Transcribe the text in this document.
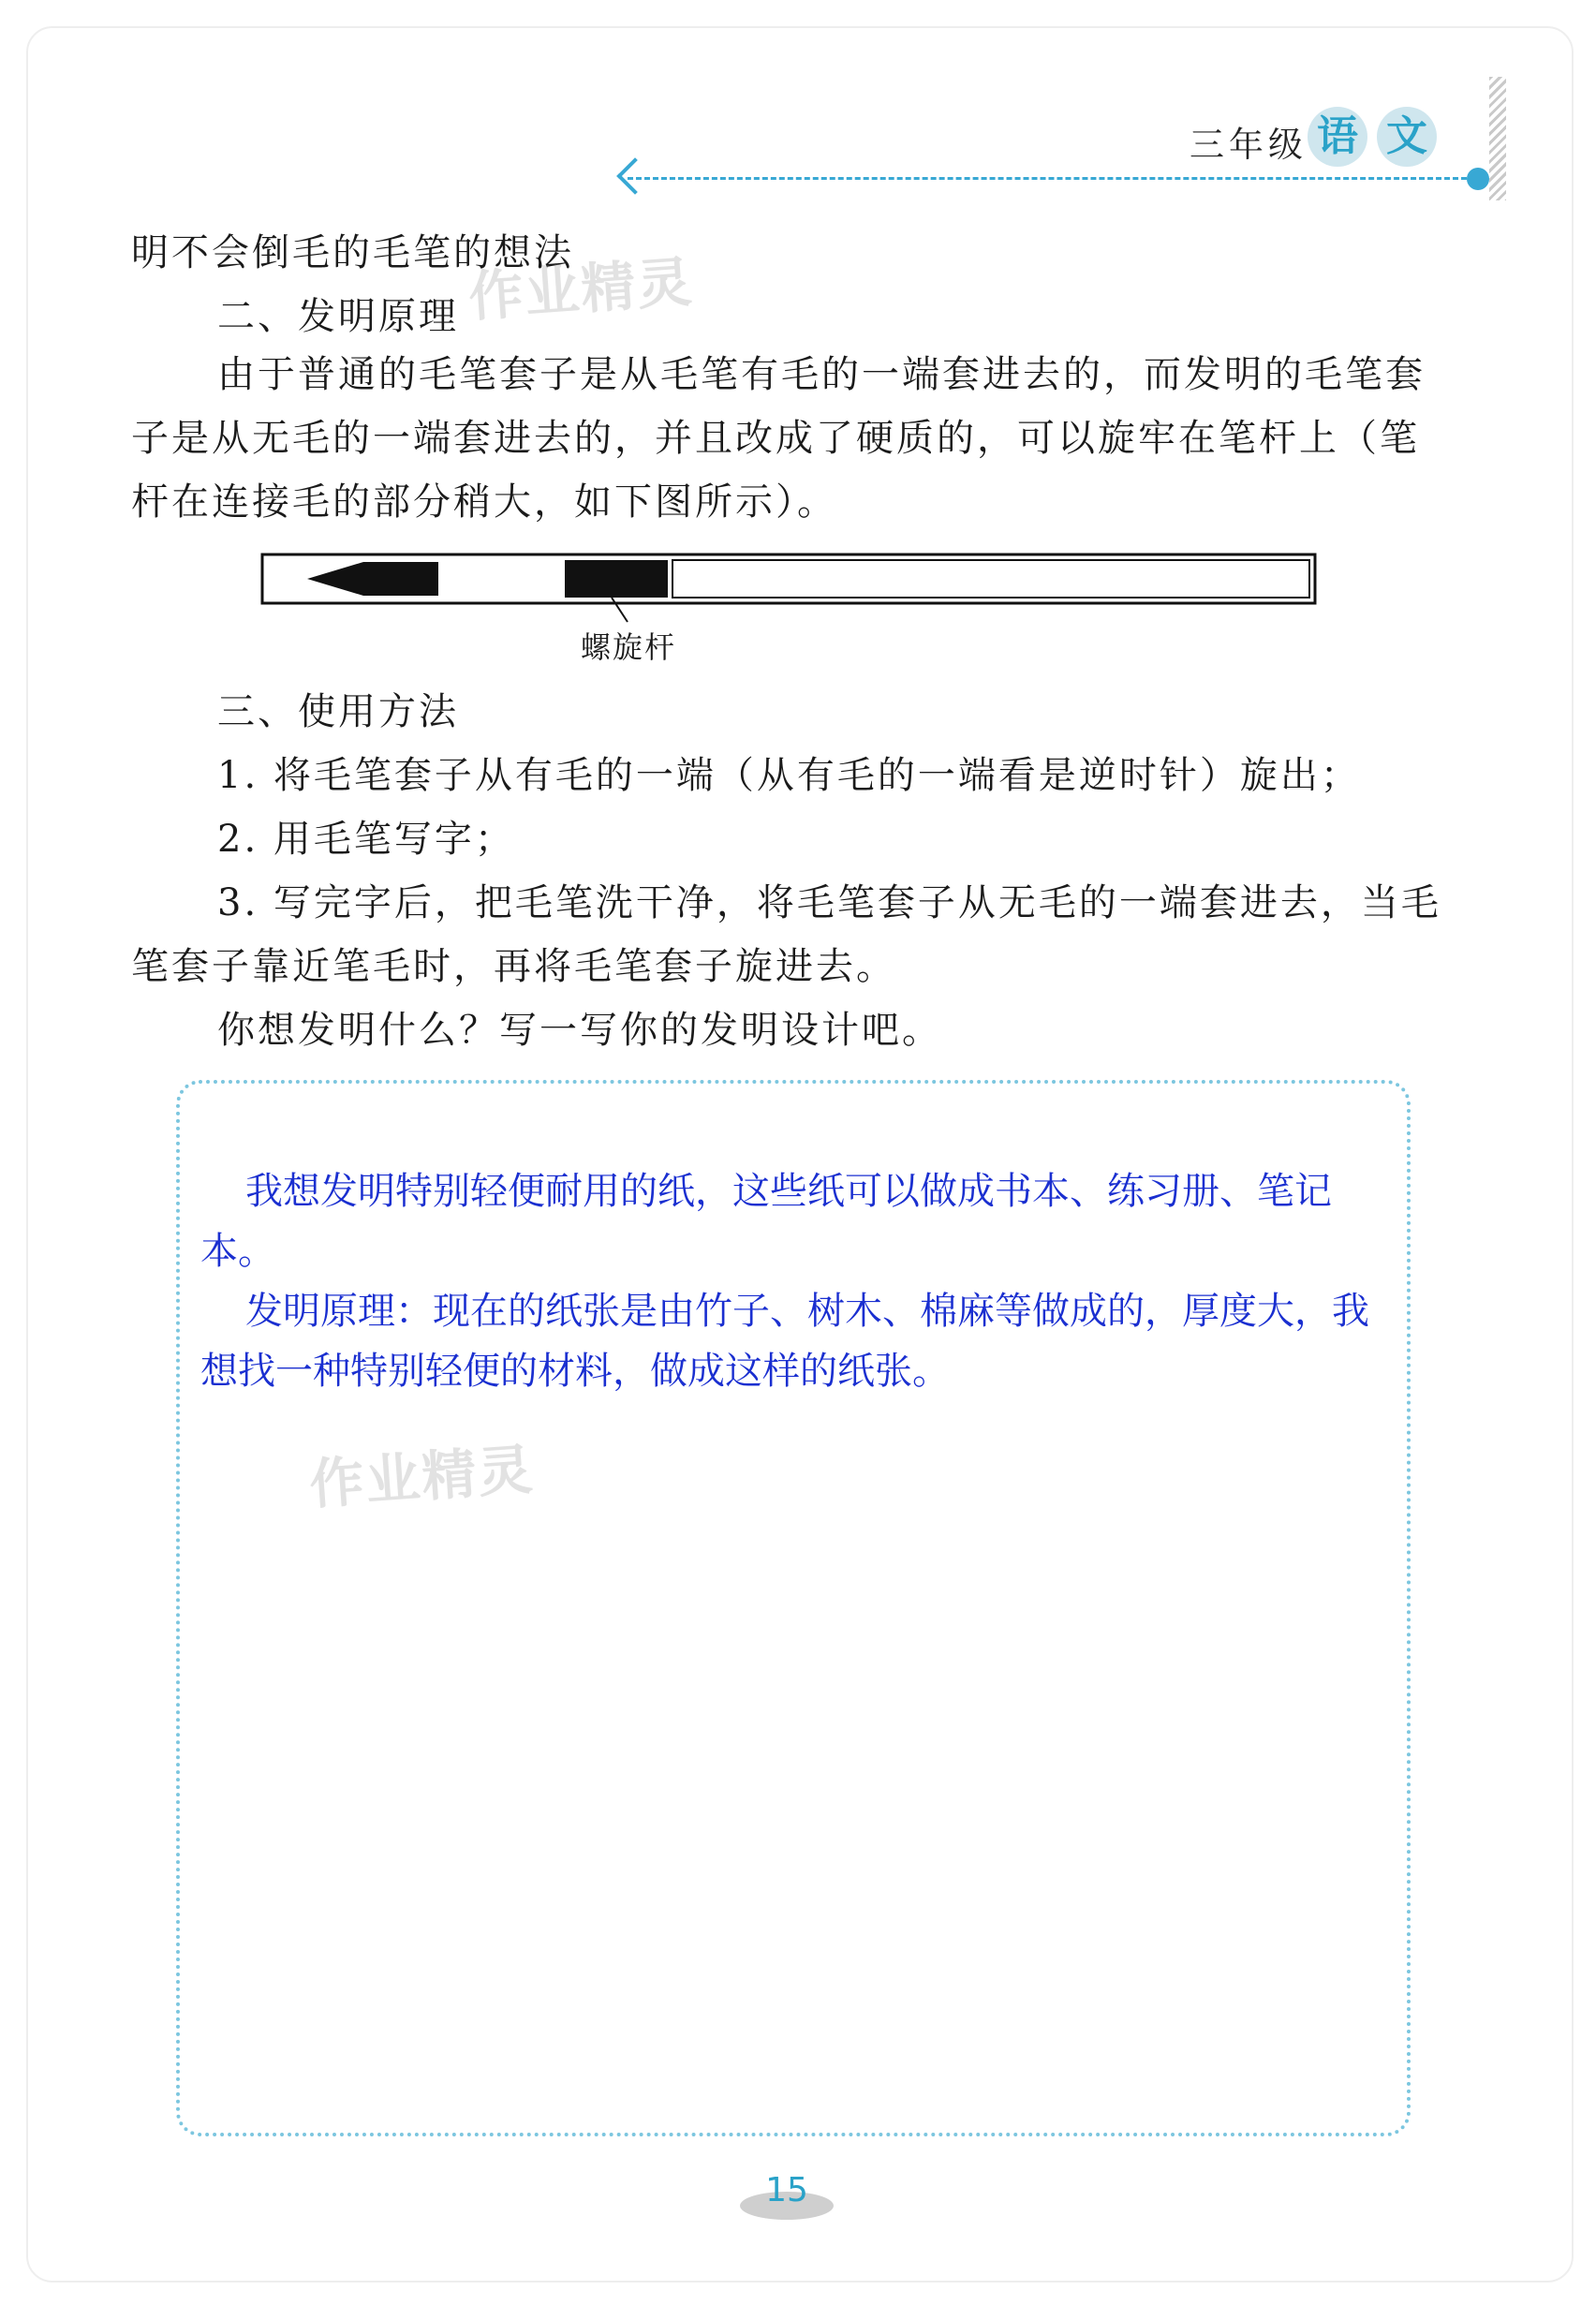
三年级 语 文

明不会倒毛的毛笔的想法

二、发明原理

由于普通的毛笔套子是从毛笔有毛的一端套进去的，而发明的毛笔套子是从无毛的一端套进去的，并且改成了硬质的，可以旋牢在笔杆上（笔杆在连接毛的部分稍大，如下图所示）。

作业精灵
螺旋杆

三、使用方法

1. 将毛笔套子从有毛的一端（从有毛的一端看是逆时针）旋出；

2. 用毛笔写字；

3. 写完字后，把毛笔洗干净，将毛笔套子从无毛的一端套进去，当毛笔套子靠近笔毛时，再将毛笔套子旋进去。

你想发明什么？写一写你的发明设计吧。

我想发明特别轻便耐用的纸，这些纸可以做成书本、练习册、笔记本。

发明原理：现在的纸张是由竹子、树木、棉麻等做成的，厚度大，我想找一种特别轻便的材料，做成这样的纸张。

作业精灵
15
